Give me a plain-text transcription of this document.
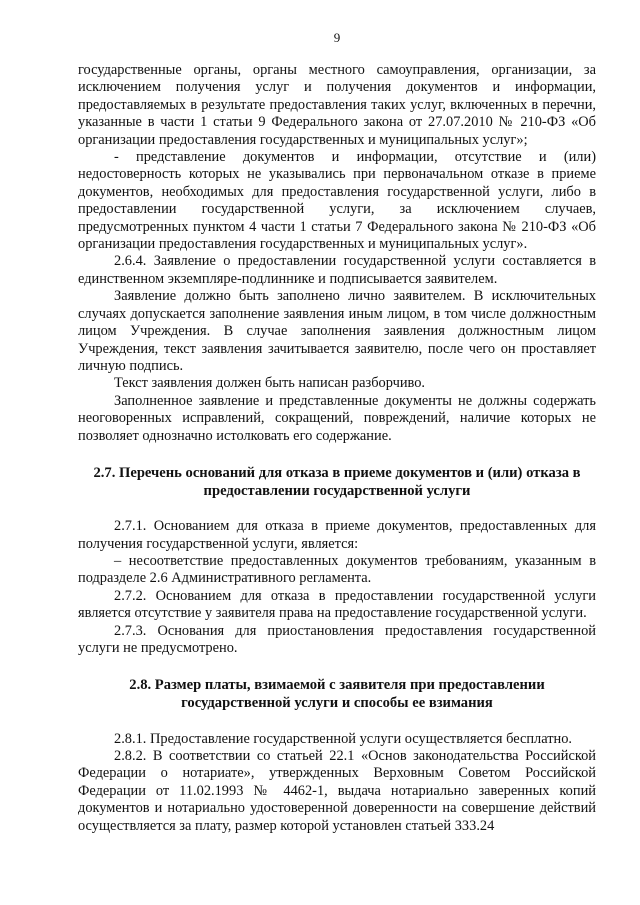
9

государственные органы, органы местного самоуправления, организации, за исключением получения услуг и получения документов и информации, предоставляемых в результате предоставления таких услуг, включенных в перечни, указанные в части 1 статьи 9 Федерального закона от 27.07.2010 № 210-ФЗ «Об организации предоставления государственных и муниципальных услуг»;

- представление документов и информации, отсутствие и (или) недостоверность которых не указывались при первоначальном отказе в приеме документов, необходимых для предоставления государственной услуги, либо в предоставлении государственной услуги, за исключением случаев, предусмотренных пунктом 4 части 1 статьи 7 Федерального закона № 210-ФЗ «Об организации предоставления государственных и муниципальных услуг».

2.6.4. Заявление о предоставлении государственной услуги составляется в единственном экземпляре-подлиннике и подписывается заявителем.

Заявление должно быть заполнено лично заявителем. В исключительных случаях допускается заполнение заявления иным лицом, в том числе должностным лицом Учреждения. В случае заполнения заявления должностным лицом Учреждения, текст заявления зачитывается заявителю, после чего он проставляет личную подпись.

Текст заявления должен быть написан разборчиво.

Заполненное заявление и представленные документы не должны содержать неоговоренных исправлений, сокращений, повреждений, наличие которых не позволяет однозначно истолковать его содержание.

2.7. Перечень оснований для отказа в приеме документов и (или) отказа в предоставлении государственной услуги

2.7.1. Основанием для отказа в приеме документов, предоставленных для получения государственной услуги, является:

– несоответствие предоставленных документов требованиям, указанным в подразделе 2.6 Административного регламента.

2.7.2. Основанием для отказа в предоставлении государственной услуги является отсутствие у заявителя права на предоставление государственной услуги.

2.7.3. Основания для приостановления предоставления государственной услуги не предусмотрено.

2.8. Размер платы, взимаемой с заявителя при предоставлении государственной услуги и способы ее взимания

2.8.1. Предоставление государственной услуги осуществляется бесплатно.

2.8.2. В соответствии со статьей 22.1 «Основ законодательства Российской Федерации о нотариате», утвержденных Верховным Советом Российской Федерации от 11.02.1993 № 4462-1, выдача нотариально заверенных копий документов и нотариально удостоверенной доверенности на совершение действий осуществляется за плату, размер которой установлен статьей 333.24
